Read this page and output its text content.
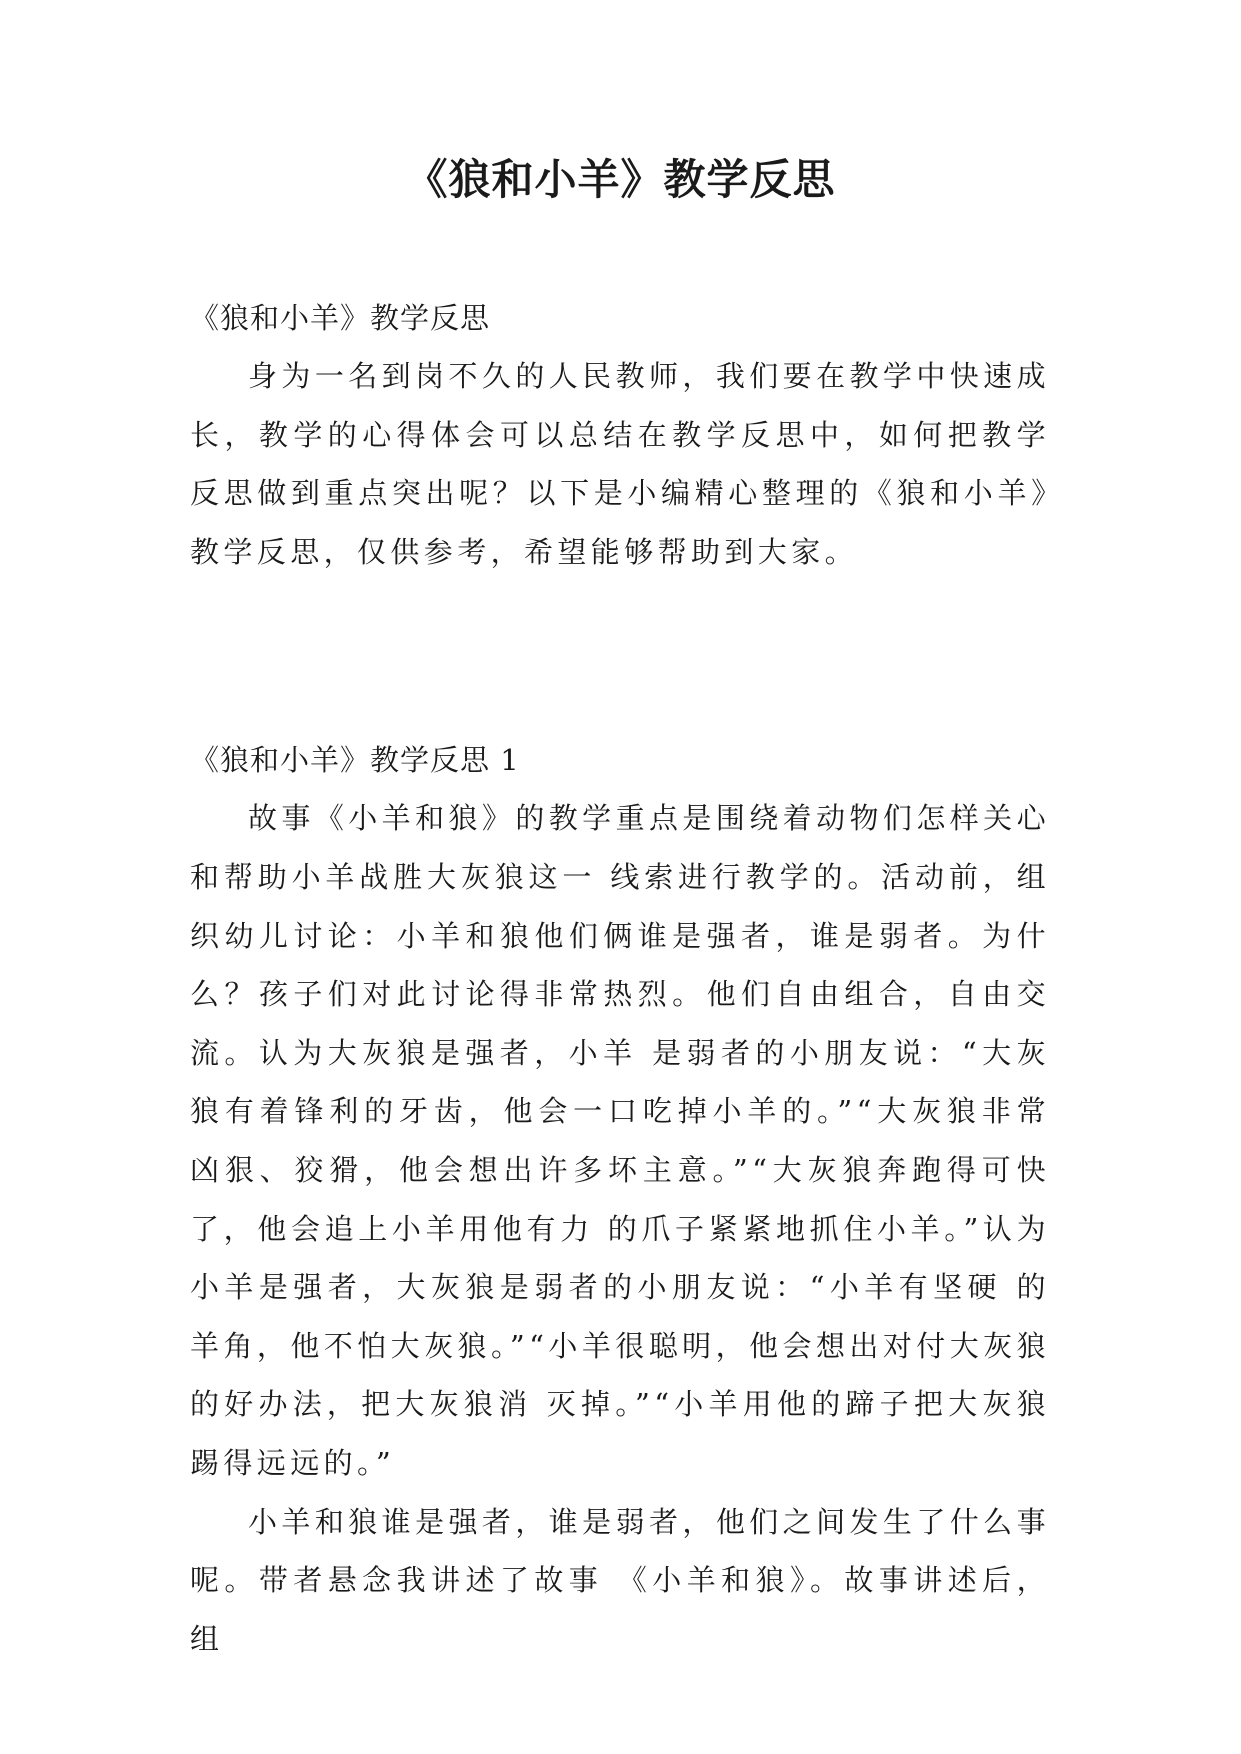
《狼和小羊》教学反思

《狼和小羊》教学反思

身为一名到岗不久的人民教师，我们要在教学中快速成长，教学的心得体会可以总结在教学反思中，如何把教学反思做到重点突出呢？以下是小编精心整理的《狼和小羊》教学反思，仅供参考，希望能够帮助到大家。

《狼和小羊》教学反思 1

故事《小羊和狼》的教学重点是围绕着动物们怎样关心和帮助小羊战胜大灰狼这一 线索进行教学的。活动前，组织幼儿讨论：小羊和狼他们俩谁是强者，谁是弱者。为什么？孩子们对此讨论得非常热烈。他们自由组合，自由交流。认为大灰狼是强者，小羊 是弱者的小朋友说：“大灰狼有着锋利的牙齿，他会一口吃掉小羊的。”“大灰狼非常 凶狠、狡猾，他会想出许多坏主意。”“大灰狼奔跑得可快了，他会追上小羊用他有力 的爪子紧紧地抓住小羊。”认为小羊是强者，大灰狼是弱者的小朋友说：“小羊有坚硬 的羊角，他不怕大灰狼。”“小羊很聪明，他会想出对付大灰狼的好办法，把大灰狼消 灭掉。”“小羊用他的蹄子把大灰狼踢得远远的。”

小羊和狼谁是强者，谁是弱者，他们之间发生了什么事呢。带者悬念我讲述了故事 《小羊和狼》。故事讲述后，组
